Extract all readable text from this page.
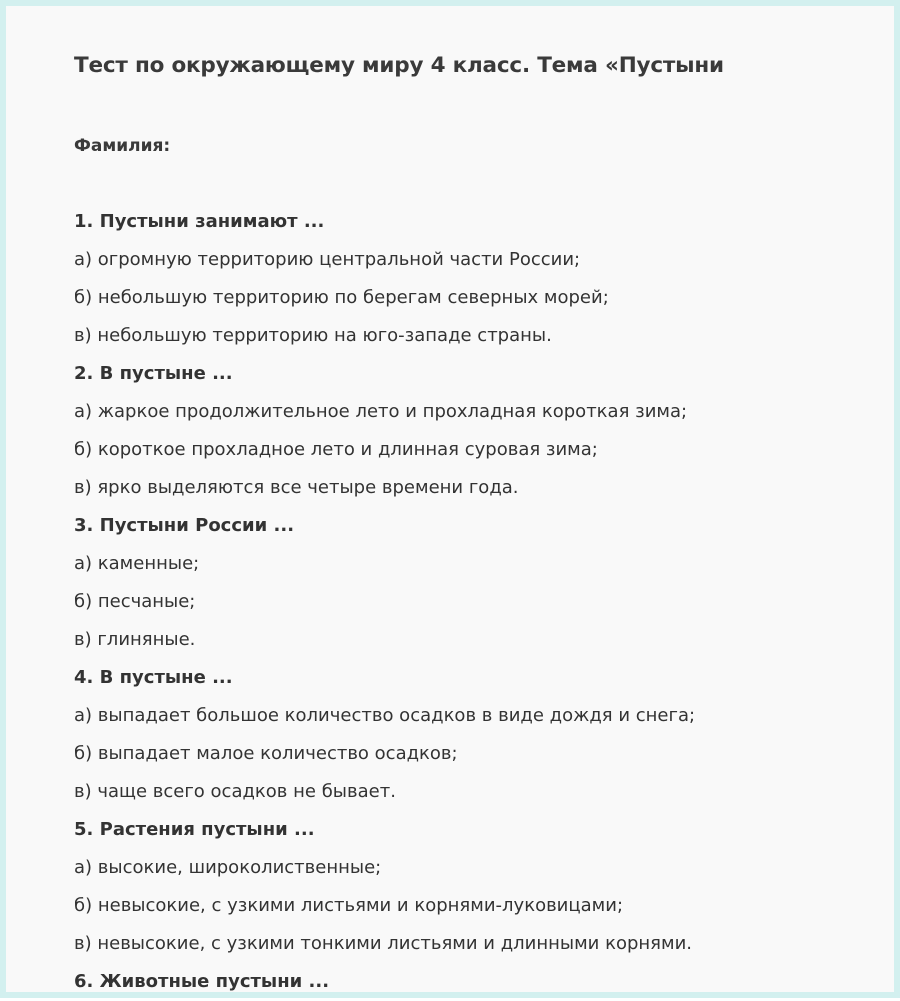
Тест по окружающему миру 4 класс. Тема «Пустыни
Фамилия:
1. Пустыни занимают ...
а) огромную территорию центральной части России;
б) небольшую территорию по берегам северных морей;
в) небольшую территорию на юго-западе страны.
2. В пустыне ...
а) жаркое продолжительное лето и прохладная короткая зима;
б) короткое прохладное лето и длинная суровая зима;
в) ярко выделяются все четыре времени года.
3. Пустыни России ...
а) каменные;
б) песчаные;
в) глиняные.
4. В пустыне ...
а) выпадает большое количество осадков в виде дождя и снега;
б) выпадает малое количество осадков;
в) чаще всего осадков не бывает.
5. Растения пустыни ...
а) высокие, широколиственные;
б) невысокие, с узкими листьями и корнями-луковицами;
в) невысокие, с узкими тонкими листьями и длинными корнями.
6. Животные пустыни ...
